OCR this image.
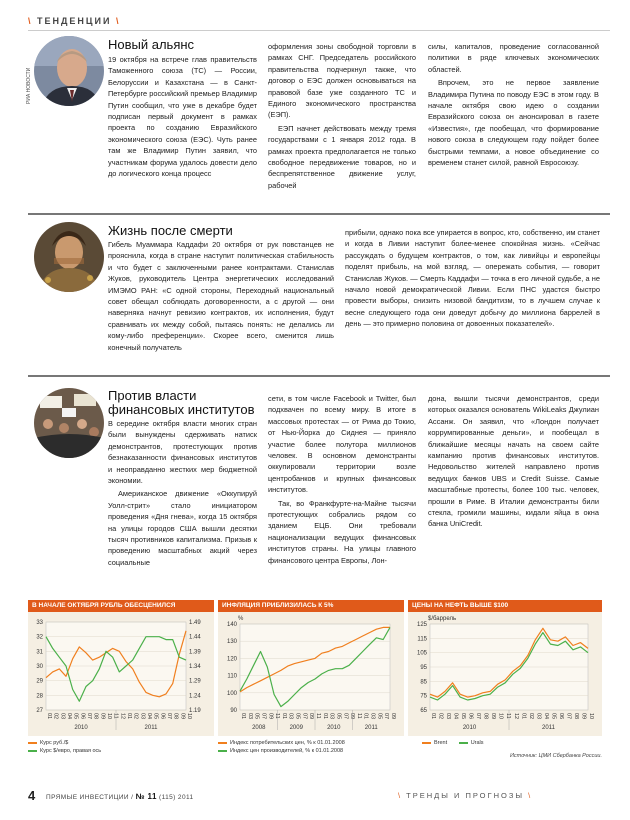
\ ТЕНДЕНЦИИ \
РИА НОВОСТИ
Новый альянс

19 октября на встрече глав правительств Таможенного союза (ТС) — России, Белоруссии и Казахстана — в Санкт-Петербурге российский премьер Владимир Путин сообщил, что уже в декабре будет подписан первый документ в рамках проекта по созданию Евразийского экономического союза (ЕЭС). Чуть ранее там же Владимир Путин заявил, что участникам форума удалось довести дело до логического конца процесс

оформления зоны свободной торговли в рамках СНГ. Председатель российского правительства подчеркнул также, что договор о ЕЭС должен основываться на правовой базе уже созданного ТС и Единого экономического пространства (ЕЭП).

ЕЭП начнет действовать между тремя государствами с 1 января 2012 года. В рамках проекта предполагается не только свободное передвижение товаров, но и беспрепятственное движение услуг, рабочей

силы, капиталов, проведение согласованной политики в ряде ключевых экономических областей.

Впрочем, это не первое заявление Владимира Путина по поводу ЕЭС в этом году. В начале октября свою идею о создании Евразийского союза он анонсировал в газете «Известия», где пообещал, что формирование нового союза в следующем году пойдет более быстрыми темпами, а новое объединение со временем станет силой, равной Евросоюзу.

Жизнь после смерти

Гибель Муаммара Каддафи 20 октября от рук повстанцев не прояснила, когда в стране наступит политическая стабильность и что будет с заключенными ранее контрактами. Станислав Жуков, руководитель Центра энергетических исследований ИМЭМО РАН: «С одной стороны, Переходный национальный совет обещал соблюдать договоренности, а с другой — они наверняка начнут ревизию контрактов, их исполнения, будут сравнивать их между собой, пытаясь понять: не делались ли кому-либо преференции». Скорее всего, сменится лишь конечный получатель

прибыли, однако пока все упирается в вопрос, кто, собственно, им станет и когда в Ливии наступит более-менее спокойная жизнь. «Сейчас рассуждать о будущем контрактов, о том, как ливийцы и европейцы поделят прибыль, на мой взгляд, — опережать события, — говорит Станислав Жуков. — Смерть Каддафи — точка в его личной судьбе, а не начало новой демократической Ливии. Если ПНС удастся быстро провести выборы, снизить низовой бандитизм, то в лучшем случае к весне следующего года они доведут добычу до миллиона баррелей в день — это примерно половина от довоенных показателей».

Против власти
финансовых институтов

В середине октября власти многих стран были вынуждены сдерживать натиск демонстрантов, протестующих против безнаказанности финансовых институтов и неоправданно жестких мер бюджетной экономии.

Американское движение «Оккупируй Уолл-стрит» стало инициатором проведения «Дня гнева», когда 15 октября на улицы городов США вышли десятки тысяч противников капитализма. Призыв к проведению масштабных акций через социальные

сети, в том числе Facebook и Twitter, был подхвачен по всему миру. В итоге в массовых протестах — от Рима до Токио, от Нью-Йорка до Сиднея — приняло участие более полутора миллионов человек. В основном демонстранты оккупировали территории возле центробанков и крупных финансовых институтов.

Так, во Франкфурте-на-Майне тысячи протестующих собрались рядом со зданием ЕЦБ. Они требовали национализации ведущих финансовых институтов страны. На улицы главного финансового центра Европы, Лон-

дона, вышли тысячи демонстрантов, среди которых оказался основатель WikiLeaks Джулиан Ассанж. Он заявил, что «Лондон получает коррумпированные деньги», и пообещал в ближайшие месяцы начать на своем сайте кампанию против финансовых институтов. Недовольство жителей направлено против ведущих банков UBS и Credit Suisse. Самые масштабные протесты, более 100 тыс. человек, прошли в Риме. В Италии демонстранты били стекла, громили машины, кидали яйца в окна банка UniCredit.

В НАЧАЛЕ ОКТЯБРЯ РУБЛЬ ОБЕСЦЕНИЛСЯ
27
28
29
30
31
32
33
1.19
1.24
1.29
1.34
1.39
1.44
1.49
01 02 03 04 05 06 07 08 09 10 11 12 01 02 03 04 05 06 07 08 09 10
2010	2011
Курс руб./$
Курс $/евро, правая ось
ИНФЛЯЦИЯ ПРИБЛИЗИЛАСЬ К 5%
90
100
110
120
130
140
%
01 03 05 07 09 11 01 03 05 07 09 11 01 03 05 07 09 11 01 03 05 07 09
2008	2009	2010	2011
Индекс потребительских цен, % к 01.01.2008
Индекс цен производителей, % к 01.01.2008
ЦЕНЫ НА НЕФТЬ ВЫШЕ $100
65
75
85
95
105
115
125
$/баррель
01 02 03 04 05 06 07 08 09 10 11 12 01 02 03 04 05 06 07 08 09 10
2010	2011
Brent	Urals
Источник: ЦМИ Сбербанка России.
4 ПРЯМЫЕ ИНВЕСТИЦИИ / № 11 (115) 2011	\ ТРЕНДЫ И ПРОГНОЗЫ \
